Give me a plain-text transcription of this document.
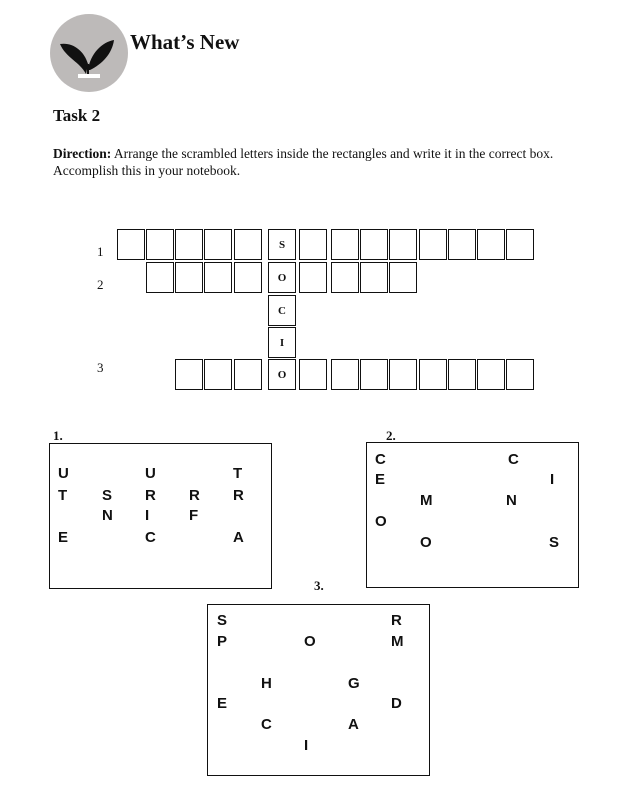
What’s New
Task 2
Direction: Arrange the scrambled letters inside the rectangles and write it in the correct box. Accomplish this in your notebook.
1
2
3
S
O
C
I
O
1.
U	U	T
T S R R R
N I	F
E	C	A
2.
C	C
E	I
M	N
O
O	S
3.
S	R
P	O	M
H	G
E	D
C	A
I
